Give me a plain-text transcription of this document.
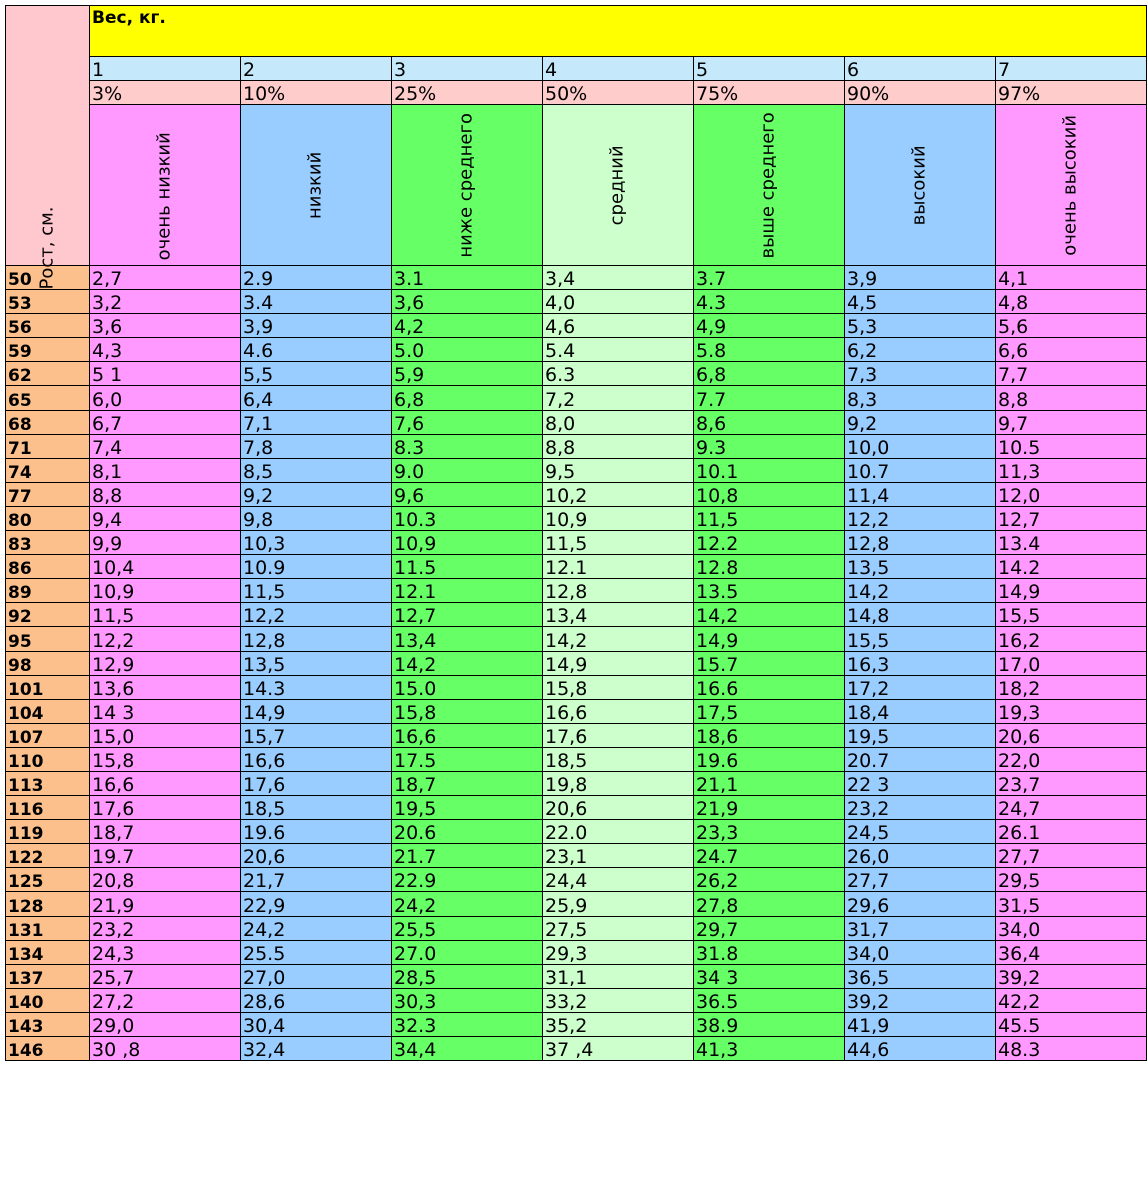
Рост, см.	Вес, кг.						
	1	2	3	4	5	6	7
	3%	10%	25%	50%	75%	90%	97%
	очень низкий	низкий	ниже среднего	средний	выше среднего	высокий	очень высокий
50	2,7	2.9	3.1	3,4	3.7	3,9	4,1
53	3,2	3.4	3,6	4,0	4.3	4,5	4,8
56	3,6	3,9	4,2	4,6	4,9	5,3	5,6
59	4,3	4.6	5.0	5.4	5.8	6,2	6,6
62	5 1	5,5	5,9	6.3	6,8	7,3	7,7
65	6,0	6,4	6,8	7,2	7.7	8,3	8,8
68	6,7	7,1	7,6	8,0	8,6	9,2	9,7
71	7,4	7,8	8.3	8,8	9.3	10,0	10.5
74	8,1	8,5	9.0	9,5	10.1	10.7	11,3
77	8,8	9,2	9,6	10,2	10,8	11,4	12,0
80	9,4	9,8	10.3	10,9	11,5	12,2	12,7
83	9,9	10,3	10,9	11,5	12.2	12,8	13.4
86	10,4	10.9	11.5	12.1	12.8	13,5	14.2
89	10,9	11,5	12.1	12,8	13.5	14,2	14,9
92	11,5	12,2	12,7	13,4	14,2	14,8	15,5
95	12,2	12,8	13,4	14,2	14,9	15,5	16,2
98	12,9	13,5	14,2	14,9	15.7	16,3	17,0
101	13,6	14.3	15.0	15,8	16.6	17,2	18,2
104	14 3	14,9	15,8	16,6	17,5	18,4	19,3
107	15,0	15,7	16,6	17,6	18,6	19,5	20,6
110	15,8	16,6	17.5	18,5	19.6	20.7	22,0
113	16,6	17,6	18,7	19,8	21,1	22 3	23,7
116	17,6	18,5	19,5	20,6	21,9	23,2	24,7
119	18,7	19.6	20.6	22.0	23,3	24,5	26.1
122	19.7	20,6	21.7	23,1	24.7	26,0	27,7
125	20,8	21,7	22.9	24,4	26,2	27,7	29,5
128	21,9	22,9	24,2	25,9	27,8	29,6	31,5
131	23,2	24,2	25,5	27,5	29,7	31,7	34,0
134	24,3	25.5	27.0	29,3	31.8	34,0	36,4
137	25,7	27,0	28,5	31,1	34 3	36,5	39,2
140	27,2	28,6	30,3	33,2	36.5	39,2	42,2
143	29,0	30,4	32.3	35,2	38.9	41,9	45.5
146	30 ,8	32,4	34,4	37 ,4	41,3	44,6	48.3
